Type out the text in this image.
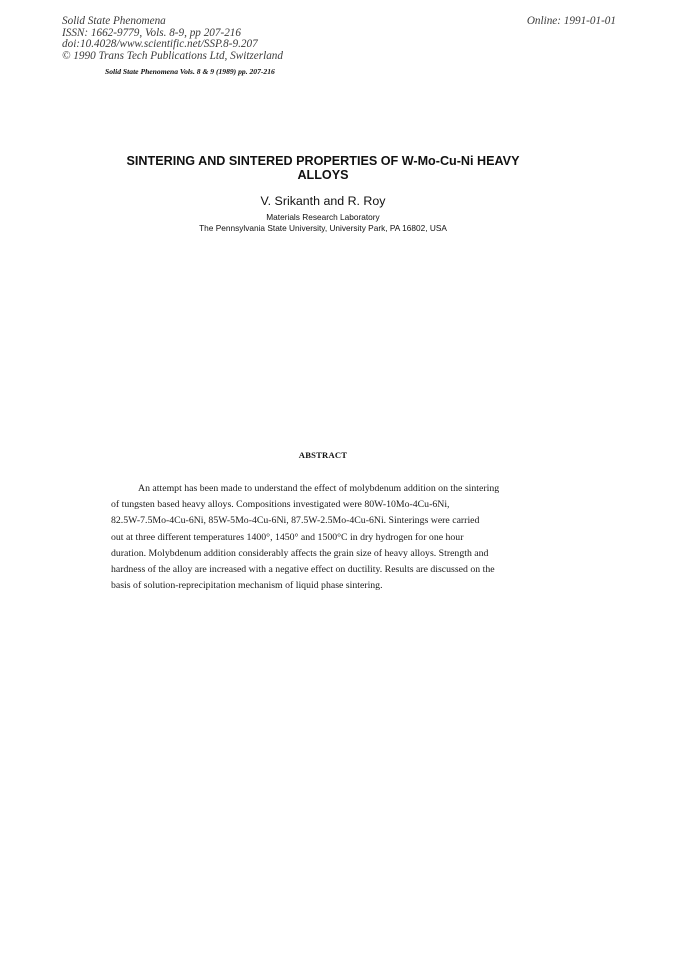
Solid State Phenomena
ISSN: 1662-9779, Vols. 8-9, pp 207-216
doi:10.4028/www.scientific.net/SSP.8-9.207
© 1990 Trans Tech Publications Ltd, Switzerland
Online: 1991-01-01
Solid State Phenomena Vols. 8 & 9 (1989) pp. 207-216
SINTERING AND SINTERED PROPERTIES OF W-Mo-Cu-Ni HEAVY
ALLOYS
V. Srikanth and R. Roy
Materials Research Laboratory
The Pennsylvania State University, University Park, PA 16802, USA
ABSTRACT
An attempt has been made to understand the effect of molybdenum addition on the sintering
of tungsten based heavy alloys. Compositions investigated were 80W-10Mo-4Cu-6Ni,
82.5W-7.5Mo-4Cu-6Ni, 85W-5Mo-4Cu-6Ni, 87.5W-2.5Mo-4Cu-6Ni. Sinterings were carried
out at three different temperatures 1400°, 1450° and 1500°C in dry hydrogen for one hour
duration. Molybdenum addition considerably affects the grain size of heavy alloys. Strength and
hardness of the alloy are increased with a negative effect on ductility. Results are discussed on the
basis of solution-reprecipitation mechanism of liquid phase sintering.
